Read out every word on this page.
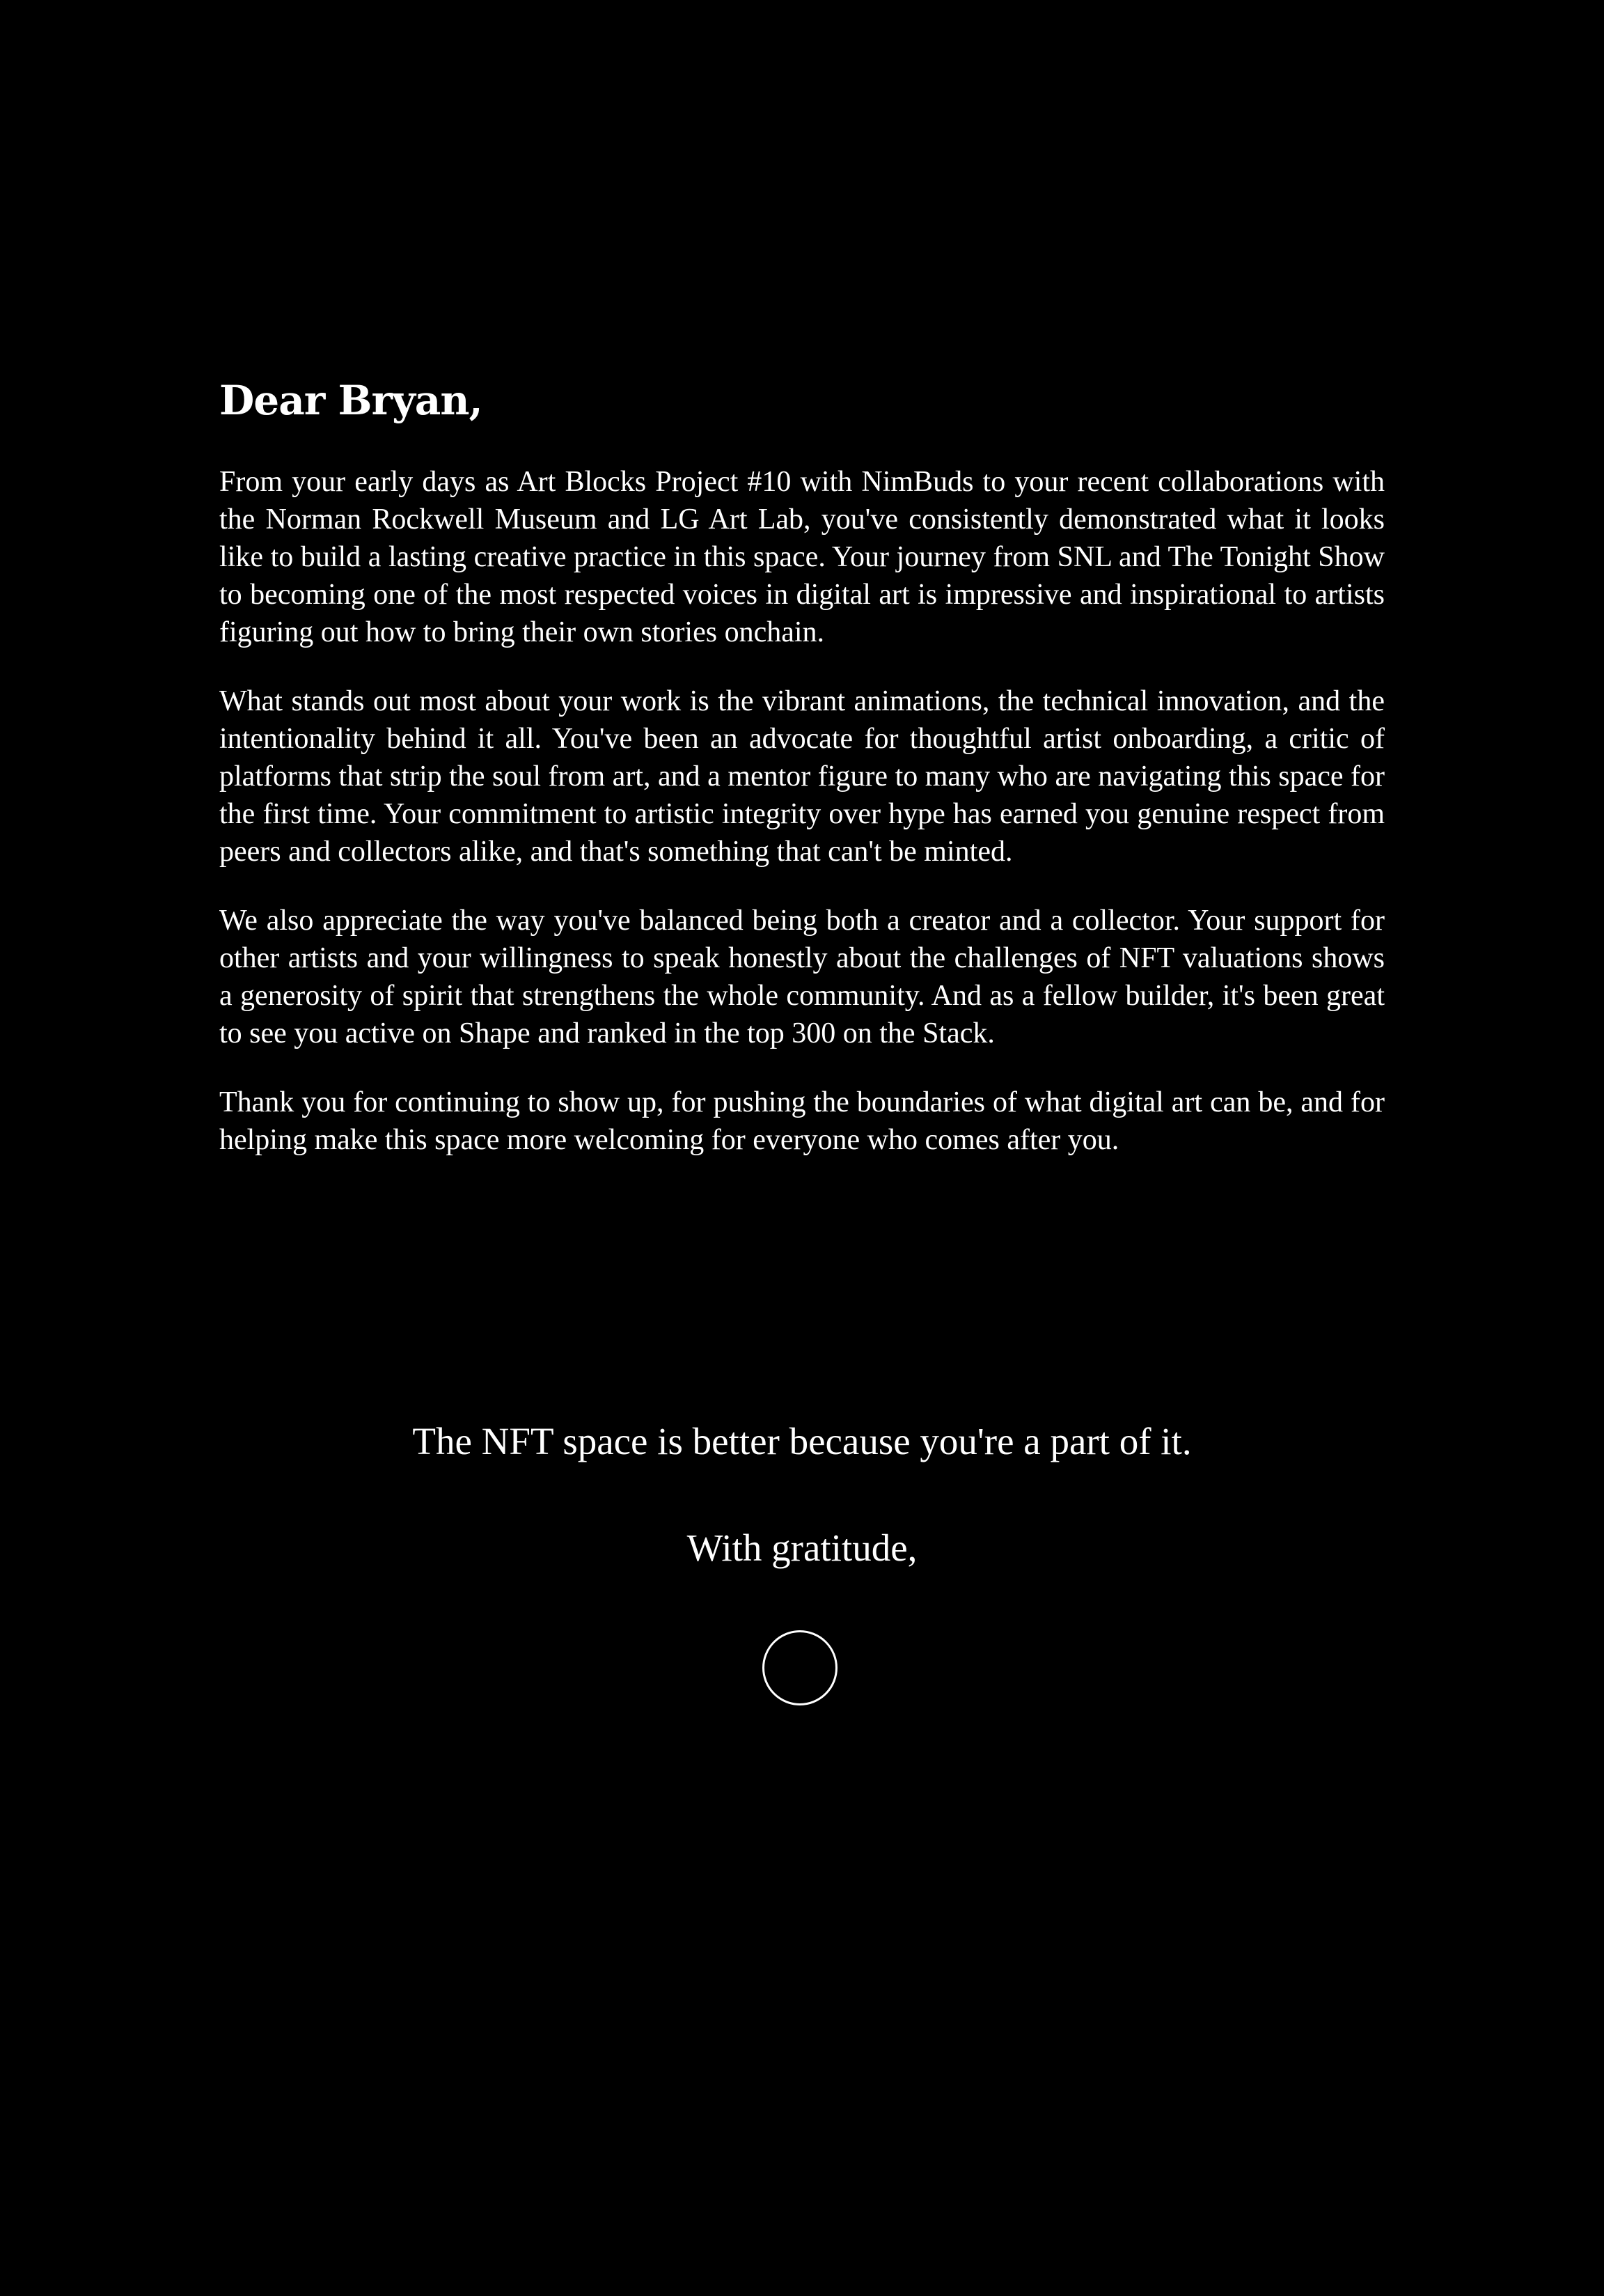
Dear Bryan,

From your early days as Art Blocks Project #10 with NimBuds to your recent collaborations with the Norman Rockwell Museum and LG Art Lab, you've consistently demonstrated what it looks like to build a lasting creative practice in this space. Your journey from SNL and The Tonight Show to becoming one of the most respected voices in digital art is impressive and inspirational to artists figuring out how to bring their own stories onchain.

What stands out most about your work is the vibrant animations, the technical innovation, and the intentionality behind it all. You've been an advocate for thoughtful artist onboarding, a critic of platforms that strip the soul from art, and a mentor figure to many who are navigating this space for the first time. Your commitment to artistic integrity over hype has earned you genuine respect from peers and collectors alike, and that's something that can't be minted.

We also appreciate the way you've balanced being both a creator and a collector. Your support for other artists and your willingness to speak honestly about the challenges of NFT valuations shows a generosity of spirit that strengthens the whole community. And as a fellow builder, it's been great to see you active on Shape and ranked in the top 300 on the Stack.

Thank you for continuing to show up, for pushing the boundaries of what digital art can be, and for helping make this space more welcoming for everyone who comes after you.

The NFT space is better because you're a part of it.
With gratitude,
